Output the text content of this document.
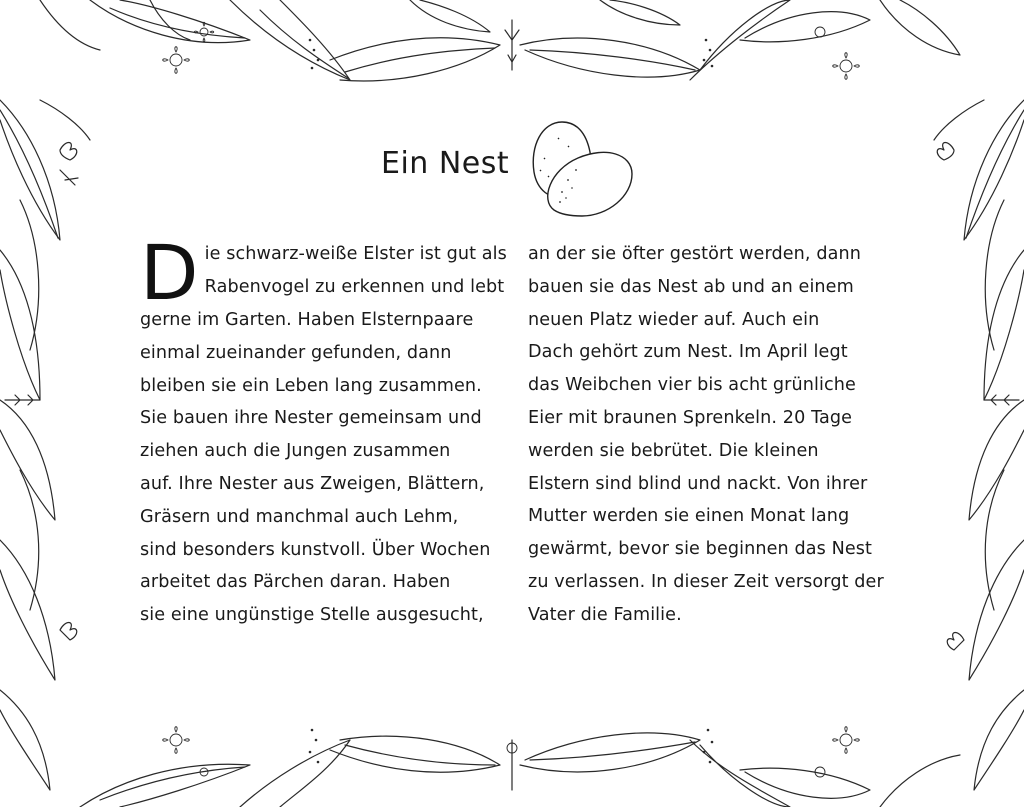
Ein Nest
D ie schwarz-weiße Elster ist gut als
Rabenvogel zu erkennen und lebt
gerne im Garten. Haben Elsternpaare
einmal zueinander gefunden, dann
bleiben sie ein Leben lang zusammen.
Sie bauen ihre Nester gemeinsam und
ziehen auch die Jungen zusammen
auf. Ihre Nester aus Zweigen, Blättern,
Gräsern und manchmal auch Lehm,
sind besonders kunstvoll. Über Wochen
arbeitet das Pärchen daran. Haben
sie eine ungünstige Stelle ausgesucht,
an der sie öfter gestört werden, dann
bauen sie das Nest ab und an einem
neuen Platz wieder auf. Auch ein
Dach gehört zum Nest. Im April legt
das Weibchen vier bis acht grünliche
Eier mit braunen Sprenkeln. 20 Tage
werden sie bebrütet. Die kleinen
Elstern sind blind und nackt. Von ihrer
Mutter werden sie einen Monat lang
gewärmt, bevor sie beginnen das Nest
zu verlassen. In dieser Zeit versorgt der
Vater die Familie.
